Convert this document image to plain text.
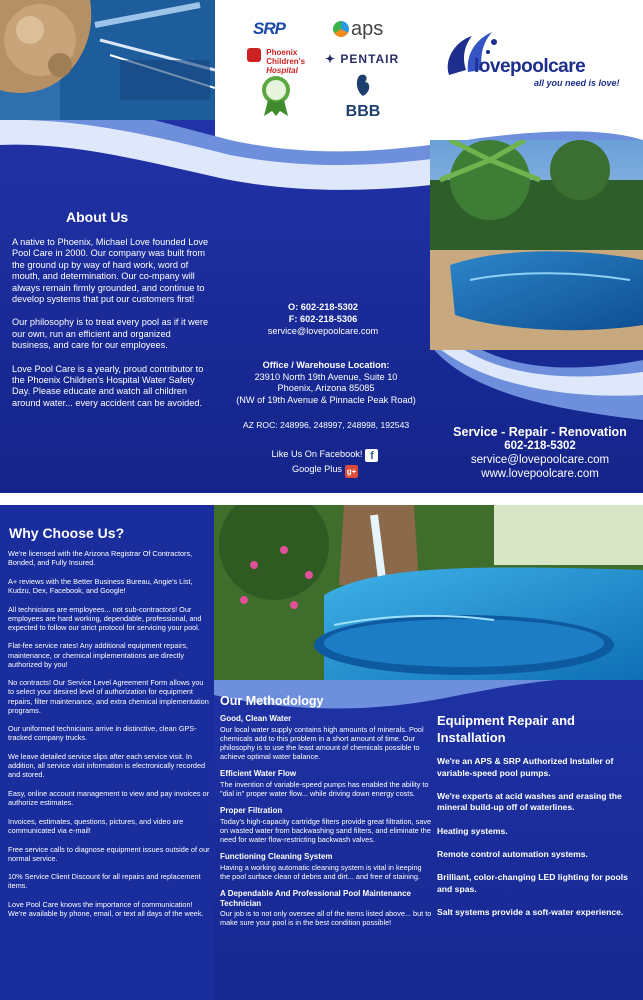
SRP	aps
Phoenix
Children's
Hospital
✦ PENTAIR
BBB
lovepoolcare
all you need is love!
About Us

A native to Phoenix, Michael Love founded Love Pool Care in 2000. Our company was built from the ground up by way of hard work, word of mouth, and determination. Our co-mpany will always remain firmly grounded, and continue to develop systems that put our customers first!

Our philosophy is to treat every pool as if it were our own, run an efficient and organized business, and care for our employees.

Love Pool Care is a yearly, proud contributor to the Phoenix Children's Hospital Water Safety Day. Please educate and watch all children around water... every accident can be avoided.

O: 602-218-5302
F: 602-218-5306
service@lovepoolcare.com
Office / Warehouse Location:
23910 North 19th Avenue, Suite 10
Phoenix, Arizona 85085
(NW of 19th Avenue & Pinnacle Peak Road)
AZ ROC: 248996, 248997, 248998, 192543
Like Us On Facebook! f
Google Plus g+
Service - Repair - Renovation
602-218-5302
service@lovepoolcare.com
www.lovepoolcare.com
Why Choose Us?

We're licensed with the Arizona Registrar Of Contractors, Bonded, and Fully Insured.

A+ reviews with the Better Business Bureau, Angie's List, Kudzu, Dex, Facebook, and Google!

All technicians are employees... not sub-contractors! Our employees are hard working, dependable, professional, and expected to follow our strict protocol for servicing your pool.

Flat-fee service rates! Any additional equipment repairs, maintenance, or chemical implementations are directly authorized by you!

No contracts! Our Service Level Agreement Form allows you to select your desired level of authorization for equipment repairs, filter maintenance, and extra chemical implementation programs.

Our uniformed technicians arrive in distinctive, clean GPS-tracked company trucks.

We leave detailed service slips after each service visit. In addition, all service visit information is electronically recorded and stored.

Easy, online account management to view and pay invoices or authorize estimates.

Invoices, estimates, questions, pictures, and video are communicated via e-mail!

Free service calls to diagnose equipment issues outside of our normal service.

10% Service Client Discount for all repairs and replacement items.

Love Pool Care knows the importance of communication! We're available by phone, email, or text all days of the week.

Our Methodology
Good, Clean Water
Our local water supply contains high amounts of minerals. Pool chemicals add to this problem in a short amount of time. Our philosophy is to use the least amount of chemicals possible to achieve optimal water balance.
Efficient Water Flow
The invention of variable-speed pumps has enabled the ability to "dial in" proper water flow... while driving down energy costs.
Proper Filtration
Today's high-capacity cartridge filters provide great filtration, save on wasted water from backwashing sand filters, and eliminate the need for water flow-restricting backwash valves.
Functioning Cleaning System
Having a working automatic cleaning system is vital in keeping the pool surface clean of debris and dirt... and free of staining.
A Dependable And Professional Pool Maintenance Technician
Our job is to not only oversee all of the items listed above... but to make sure your pool is in the best condition possible!
Equipment Repair and Installation

We're an APS & SRP Authorized Installer of variable-speed pool pumps.

We're experts at acid washes and erasing the mineral build-up off of waterlines.

Heating systems.

Remote control automation systems.

Brilliant, color-changing LED lighting for pools and spas.

Salt systems provide a soft-water experience.
